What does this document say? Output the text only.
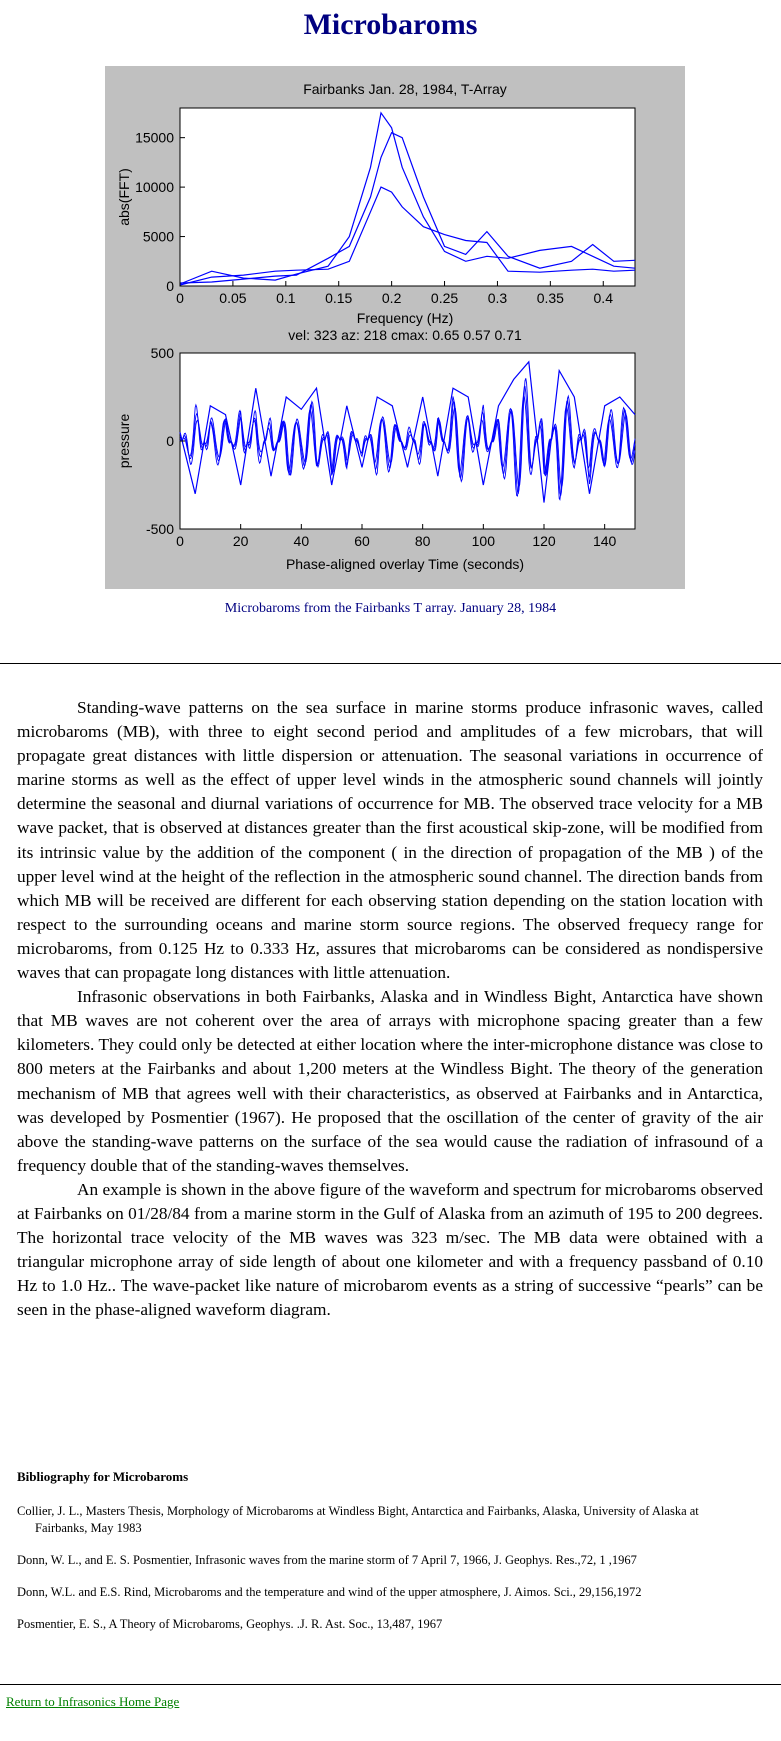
Microbaroms
Fairbanks Jan. 28, 1984, T-Array
0	0.05 0.1 0.15 0.2 0.25 0.3 0.35 0.4
0
5000
10000
15000
Frequency (Hz)
abs(FFT)
vel: 323 az: 218 cmax: 0.65 0.57 0.71
0	20	40	60	80	100	120	140
-500
0
500
Phase-aligned overlay Time (seconds)
pressure
Microbaroms from the Fairbanks T array. January 28, 1984

Standing-wave patterns on the sea surface in marine storms produce infrasonic waves, called microbaroms (MB), with three to eight second period and amplitudes of a few microbars, that will propagate great distances with little dispersion or attenuation. The seasonal variations in occurrence of marine storms as well as the effect of upper level winds in the atmospheric sound channels will jointly determine the seasonal and diurnal variations of occurrence for MB. The observed trace velocity for a MB wave packet, that is observed at distances greater than the first acoustical skip-zone, will be modified from its intrinsic value by the addition of the component ( in the direction of propagation of the MB ) of the upper level wind at the height of the reflection in the atmospheric sound channel. The direction bands from which MB will be received are different for each observing station depending on the station location with respect to the surrounding oceans and marine storm source regions. The observed frequecy range for microbaroms, from 0.125 Hz to 0.333 Hz, assures that microbaroms can be considered as nondispersive waves that can propagate long distances with little attenuation.

Infrasonic observations in both Fairbanks, Alaska and in Windless Bight, Antarctica have shown that MB waves are not coherent over the area of arrays with microphone spacing greater than a few kilometers. They could only be detected at either location where the inter-microphone distance was close to 800 meters at the Fairbanks and about 1,200 meters at the Windless Bight. The theory of the generation mechanism of MB that agrees well with their characteristics, as observed at Fairbanks and in Antarctica, was developed by Posmentier (1967). He proposed that the oscillation of the center of gravity of the air above the standing-wave patterns on the surface of the sea would cause the radiation of infrasound of a frequency double that of the standing-waves themselves.

An example is shown in the above figure of the waveform and spectrum for microbaroms observed at Fairbanks on 01/28/84 from a marine storm in the Gulf of Alaska from an azimuth of 195 to 200 degrees. The horizontal trace velocity of the MB waves was 323 m/sec. The MB data were obtained with a triangular microphone array of side length of about one kilometer and with a frequency passband of 0.10 Hz to 1.0 Hz.. The wave-packet like nature of microbarom events as a string of successive “pearls” can be seen in the phase-aligned waveform diagram.

Bibliography for Microbaroms

Collier, J. L., Masters Thesis, Morphology of Microbaroms at Windless Bight, Antarctica and Fairbanks, Alaska, University of Alaska at Fairbanks, May 1983

Donn, W. L., and E. S. Posmentier, Infrasonic waves from the marine storm of 7 April 7, 1966, J. Geophys. Res.,72, 1 ,1967

Donn, W.L. and E.S. Rind, Microbaroms and the temperature and wind of the upper atmosphere, J. Aimos. Sci., 29,156,1972

Posmentier, E. S., A Theory of Microbaroms, Geophys. .J. R. Ast. Soc., 13,487, 1967

Return to Infrasonics Home Page
